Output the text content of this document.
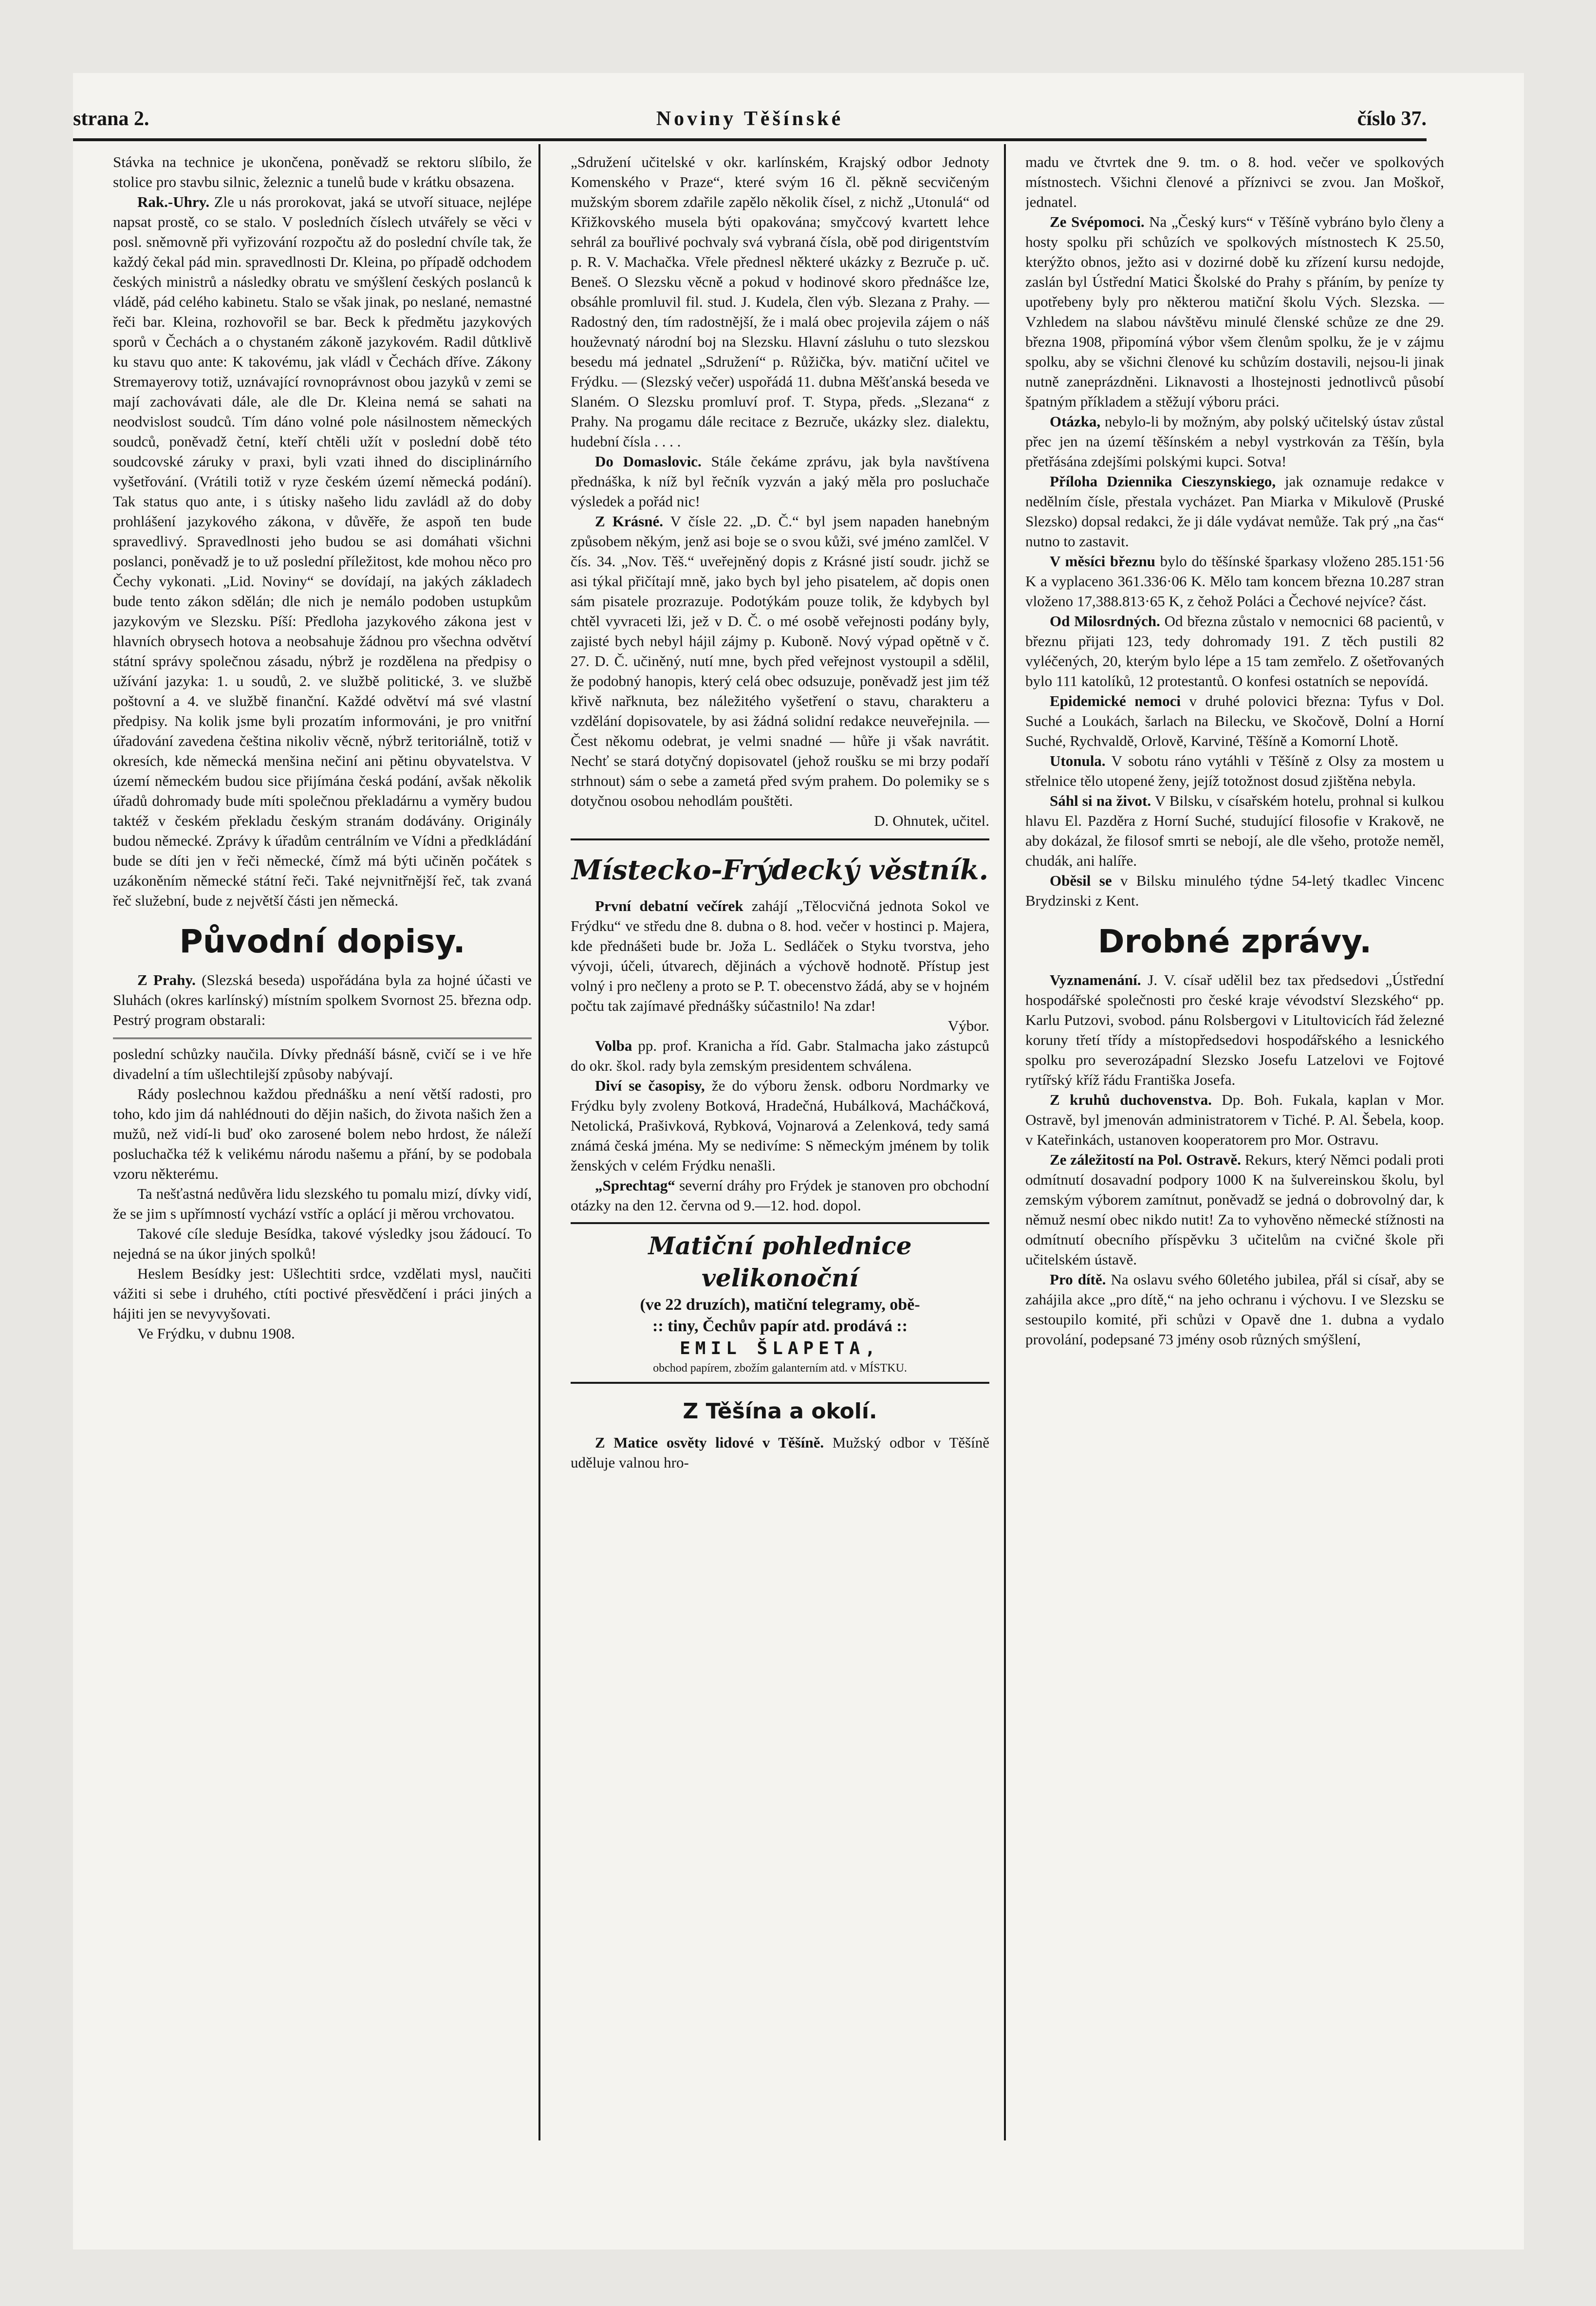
strana 2.	Noviny Těšínské	číslo 37.

Stávka na technice je ukončena, poněvadž se rektoru slíbilo, že stolice pro stavbu silnic, železnic a tunelů bude v krátku obsazena.

Rak.-Uhry. Zle u nás prorokovat, jaká se utvoří situace, nejlépe napsat prostě, co se stalo. V posledních číslech utvářely se věci v posl. sněmovně při vyřizování rozpočtu až do poslední chvíle tak, že každý čekal pád min. spravedlnosti Dr. Kleina, po případě odchodem českých ministrů a následky obratu ve smýšlení českých poslanců k vládě, pád celého kabinetu. Stalo se však jinak, po neslané, nemastné řeči bar. Kleina, rozhovořil se bar. Beck k předmětu jazykových sporů v Čechách a o chystaném zákoně jazykovém. Radil důtklivě ku stavu quo ante: K takovému, jak vládl v Čechách dříve. Zákony Stremayerovy totiž, uznávající rovnoprávnost obou jazyků v zemi se mají zachovávati dále, ale dle Dr. Kleina nemá se sahati na neodvislost soudců. Tím dáno volné pole násilnostem německých soudců, poněvadž četní, kteří chtěli užít v poslední době této soudcovské záruky v praxi, byli vzati ihned do disciplinárního vyšetřování. (Vrátili totiž v ryze českém území německá podání). Tak status quo ante, i s útisky našeho lidu zavládl až do doby prohlášení jazykového zákona, v důvěře, že aspoň ten bude spravedlivý. Spravedlnosti jeho budou se asi domáhati všichni poslanci, poněvadž je to už poslední příležitost, kde mohou něco pro Čechy vykonati. „Lid. Noviny“ se dovídají, na jakých základech bude tento zákon sdělán; dle nich je nemálo podoben ustupkům jazykovým ve Slezsku. Píší: Předloha jazykového zákona jest v hlavních obrysech hotova a neobsahuje žádnou pro všechna odvětví státní správy společnou zásadu, nýbrž je rozdělena na předpisy o užívání jazyka: 1. u soudů, 2. ve službě politické, 3. ve službě poštovní a 4. ve službě finanční. Každé odvětví má své vlastní předpisy. Na kolik jsme byli prozatím informováni, je pro vnitřní úřadování zavedena čeština nikoliv věcně, nýbrž teritoriálně, totiž v okresích, kde německá menšina nečiní ani pětinu obyvatelstva. V území německém budou sice přijímána česká podání, avšak několik úřadů dohromady bude míti společnou překladárnu a vyměry budou taktéž v českém překladu českým stranám dodávány. Originály budou německé. Zprávy k úřadům centrálním ve Vídni a předkládání bude se díti jen v řeči německé, čímž má býti učiněn počátek s uzákoněním německé státní řeči. Také nejvnitřnější řeč, tak zvaná řeč služební, bude z největší části jen německá.

Původní dopisy.

Z Prahy. (Slezská beseda) uspořádána byla za hojné účasti ve Sluhách (okres karlínský) místním spolkem Svornost 25. března odp. Pestrý program obstarali:

poslední schůzky naučila. Dívky přednáší básně, cvičí se i ve hře divadelní a tím ušlechtilejší způsoby nabývají.

Rády poslechnou každou přednášku a není větší radosti, pro toho, kdo jim dá nahlédnouti do dějin našich, do života našich žen a mužů, než vidí-li buď oko zarosené bolem nebo hrdost, že náleží posluchačka též k velikému národu našemu a přání, by se podobala vzoru některému.

Ta nešťastná nedůvěra lidu slezského tu pomalu mizí, dívky vidí, že se jim s upřímností vychází vstříc a oplácí ji měrou vrchovatou.

Takové cíle sleduje Besídka, takové výsledky jsou žádoucí. To nejedná se na úkor jiných spolků!

Heslem Besídky jest: Ušlechtiti srdce, vzdělati mysl, naučiti vážiti si sebe i druhého, ctíti poctivé přesvědčení i práci jiných a hájiti jen se nevyvyšovati.

Ve Frýdku, v dubnu 1908.

„Sdružení učitelské v okr. karlínském, Krajský odbor Jednoty Komenského v Praze“, které svým 16 čl. pěkně secvičeným mužským sborem zdařile zapělo několik čísel, z nichž „Utonulá“ od Křižkovského musela býti opakována; smyčcový kvartett lehce sehrál za bouřlivé pochvaly svá vybraná čísla, obě pod dirigentstvím p. R. V. Machačka. Vřele přednesl některé ukázky z Bezruče p. uč. Beneš. O Slezsku věcně a pokud v hodinové skoro přednášce lze, obsáhle promluvil fil. stud. J. Kudela, člen výb. Slezana z Prahy. — Radostný den, tím radostnější, že i malá obec projevila zájem o náš houževnatý národní boj na Slezsku. Hlavní zásluhu o tuto slezskou besedu má jednatel „Sdružení“ p. Růžička, býv. matiční učitel ve Frýdku. — (Slezský večer) uspořádá 11. dubna Měšťanská beseda ve Slaném. O Slezsku promluví prof. T. Stypa, předs. „Slezana“ z Prahy. Na progamu dále recitace z Bezruče, ukázky slez. dialektu, hudební čísla . . . .

Do Domaslovic. Stále čekáme zprávu, jak byla navštívena přednáška, k níž byl řečník vyzván a jaký měla pro posluchače výsledek a pořád nic!

Z Krásné. V čísle 22. „D. Č.“ byl jsem napaden hanebným způsobem někým, jenž asi boje se o svou kůži, své jméno zamlčel. V čís. 34. „Nov. Těš.“ uveřejněný dopis z Krásné jistí soudr. jichž se asi týkal přičítají mně, jako bych byl jeho pisatelem, ač dopis onen sám pisatele prozrazuje. Podotýkám pouze tolik, že kdybych byl chtěl vyvraceti lži, jež v D. Č. o mé osobě veřejnosti podány byly, zajisté bych nebyl hájil zájmy p. Kuboně. Nový výpad opětně v č. 27. D. Č. učiněný, nutí mne, bych před veřejnost vystoupil a sdělil, že podobný hanopis, který celá obec odsuzuje, poněvadž jest jim též křivě nařknuta, bez náležitého vyšetření o stavu, charakteru a vzdělání dopisovatele, by asi žádná solidní redakce neuveřejnila. — Čest někomu odebrat, je velmi snadné — hůře ji však navrátit. Nechť se stará dotyčný dopisovatel (jehož roušku se mi brzy podaří strhnout) sám o sebe a zametá před svým prahem. Do polemiky se s dotyčnou osobou nehodlám pouštěti.

D. Ohnutek, učitel.

Místecko-Frýdecký věstník.

První debatní večírek zahájí „Tělocvičná jednota Sokol ve Frýdku“ ve středu dne 8. dubna o 8. hod. večer v hostinci p. Majera, kde přednášeti bude br. Joža L. Sedláček o Styku tvorstva, jeho vývoji, účeli, útvarech, dějinách a výchově hodnotě. Přístup jest volný i pro nečleny a proto se P. T. obecenstvo žádá, aby se v hojném počtu tak zajímavé přednášky súčastnilo! Na zdar!

Výbor.

Volba pp. prof. Kranicha a říd. Gabr. Stalmacha jako zástupců do okr. škol. rady byla zemským presidentem schválena.

Diví se časopisy, že do výboru žensk. odboru Nordmarky ve Frýdku byly zvoleny Botková, Hradečná, Hubálková, Macháčková, Netolická, Prašivková, Rybková, Vojnarová a Zelenková, tedy samá známá česká jména. My se nedivíme: S německým jménem by tolik ženských v celém Frýdku nenašli.

„Sprechtag“ severní dráhy pro Frýdek je stanoven pro obchodní otázky na den 12. června od 9.—12. hod. dopol.

Matiční pohlednice velikonoční
(ve 22 druzích), matiční telegramy, obě-
:: tiny, Čechův papír atd. prodává ::
EMIL ŠLAPETA,
obchod papírem, zbožím galanterním atd. v MÍSTKU.
Z Těšína a okolí.

Z Matice osvěty lidové v Těšíně. Mužský odbor v Těšíně uděluje valnou hro-

madu ve čtvrtek dne 9. tm. o 8. hod. večer ve spolkových místnostech. Všichni členové a příznivci se zvou. Jan Moškoř, jednatel.

Ze Svépomoci. Na „Český kurs“ v Těšíně vybráno bylo členy a hosty spolku při schůzích ve spolkových místnostech K 25.50, kterýžto obnos, ježto asi v dozirné době ku zřízení kursu nedojde, zaslán byl Ústřední Matici Školské do Prahy s přáním, by peníze ty upotřebeny byly pro některou matiční školu Vých. Slezska. — Vzhledem na slabou návštěvu minulé členské schůze ze dne 29. března 1908, připomíná výbor všem členům spolku, že je v zájmu spolku, aby se všichni členové ku schůzím dostavili, nejsou-li jinak nutně zaneprázdněni. Liknavosti a lhostejnosti jednotlivců působí špatným příkladem a stěžují výboru práci.

Otázka, nebylo-li by možným, aby polský učitelský ústav zůstal přec jen na území těšínském a nebyl vystrkován za Těšín, byla přetřásána zdejšími polskými kupci. Sotva!

Příloha Dziennika Cieszynskiego, jak oznamuje redakce v nedělním čísle, přestala vycházet. Pan Miarka v Mikulově (Pruské Slezsko) dopsal redakci, že ji dále vydávat nemůže. Tak prý „na čas“ nutno to zastavit.

V měsíci březnu bylo do těšínské šparkasy vloženo 285.151·56 K a vyplaceno 361.336·06 K. Mělo tam koncem března 10.287 stran vloženo 17,388.813·65 K, z čehož Poláci a Čechové nejvíce? část.

Od Milosrdných. Od března zůstalo v nemocnici 68 pacientů, v březnu přijati 123, tedy dohromady 191. Z těch pustili 82 vyléčených, 20, kterým bylo lépe a 15 tam zemřelo. Z ošetřovaných bylo 111 katolíků, 12 protestantů. O konfesi ostatních se nepovídá.

Epidemické nemoci v druhé polovici března: Tyfus v Dol. Suché a Loukách, šarlach na Bilecku, ve Skočově, Dolní a Horní Suché, Rychvaldě, Orlově, Karviné, Těšíně a Komorní Lhotě.

Utonula. V sobotu ráno vytáhli v Těšíně z Olsy za mostem u střelnice tělo utopené ženy, jejíž totožnost dosud zjištěna nebyla.

Sáhl si na život. V Bilsku, v císařském hotelu, prohnal si kulkou hlavu El. Pazděra z Horní Suché, studující filosofie v Krakově, ne aby dokázal, že filosof smrti se nebojí, ale dle všeho, protože neměl, chudák, ani halíře.

Oběsil se v Bilsku minulého týdne 54-letý tkadlec Vincenc Brydzinski z Kent.

Drobné zprávy.

Vyznamenání. J. V. císař udělil bez tax předsedovi „Ústřední hospodářské společnosti pro české kraje vévodství Slezského“ pp. Karlu Putzovi, svobod. pánu Rolsbergovi v Litultovicích řád železné koruny třetí třídy a místopředsedovi hospodářského a lesnického spolku pro severozápadní Slezsko Josefu Latzelovi ve Fojtové rytířský kříž řádu Františka Josefa.

Z kruhů duchovenstva. Dp. Boh. Fukala, kaplan v Mor. Ostravě, byl jmenován administratorem v Tiché. P. Al. Šebela, koop. v Kateřinkách, ustanoven kooperatorem pro Mor. Ostravu.

Ze záležitostí na Pol. Ostravě. Rekurs, který Němci podali proti odmítnutí dosavadní podpory 1000 K na šulvereinskou školu, byl zemským výborem zamítnut, poněvadž se jedná o dobrovolný dar, k němuž nesmí obec nikdo nutit! Za to vyhověno německé stížnosti na odmítnutí obecního příspěvku 3 učitelům na cvičné škole při učitelském ústavě.

Pro dítě. Na oslavu svého 60letého jubilea, přál si císař, aby se zahájila akce „pro dítě,“ na jeho ochranu i výchovu. I ve Slezsku se sestoupilo komité, při schůzi v Opavě dne 1. dubna a vydalo provolání, podepsané 73 jmény osob různých smýšlení,
